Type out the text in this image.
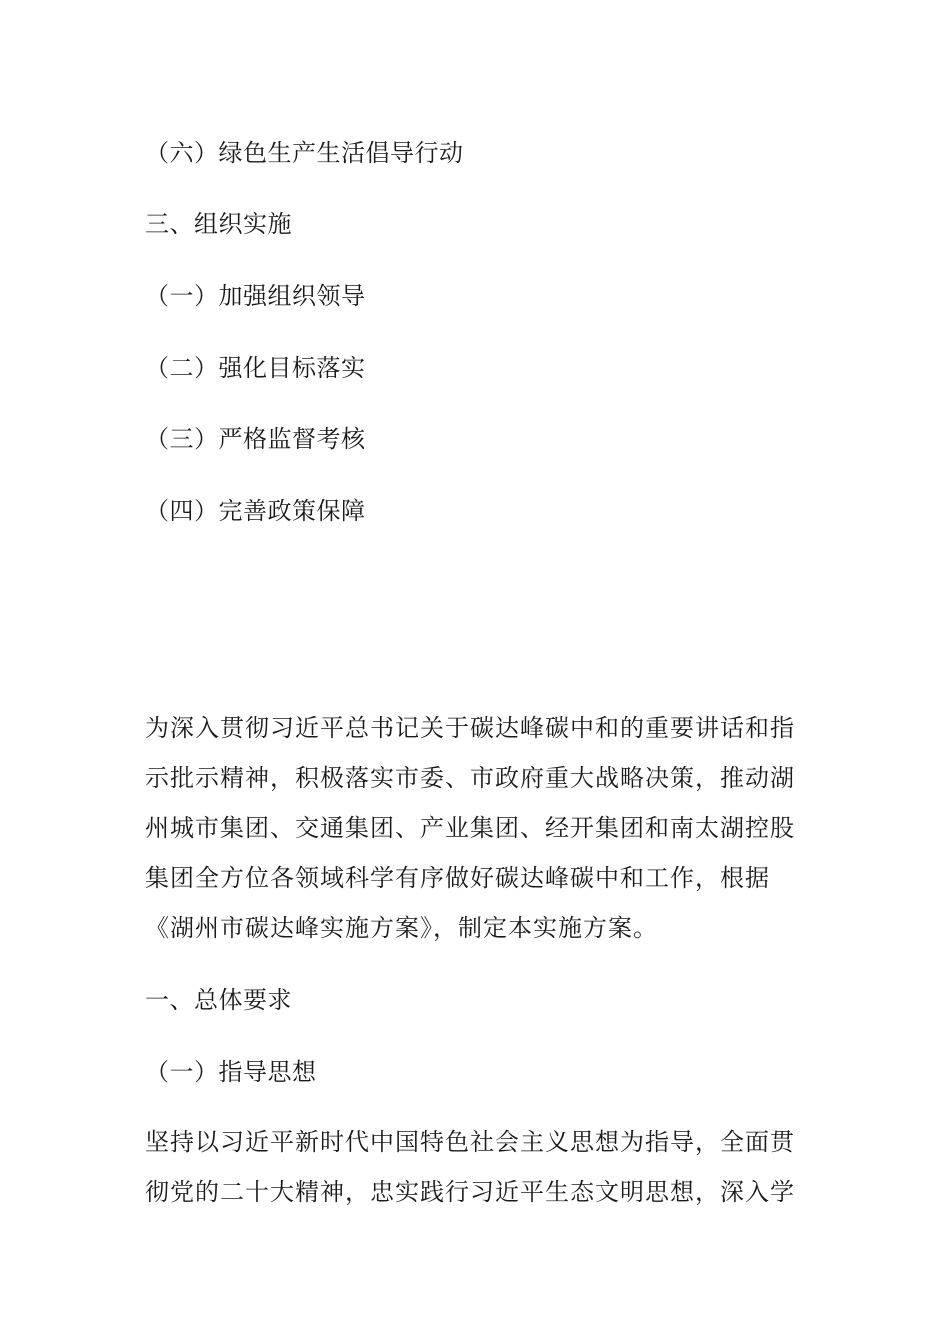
（六）绿色生产生活倡导行动

三、组织实施

（一）加强组织领导

（二）强化目标落实

（三）严格监督考核

（四）完善政策保障

为深入贯彻习近平总书记关于碳达峰碳中和的重要讲话和指

示批示精神，积极落实市委、市政府重大战略决策，推动湖

州城市集团、交通集团、产业集团、经开集团和南太湖控股

集团全方位各领域科学有序做好碳达峰碳中和工作，根据

《湖州市碳达峰实施方案》，制定本实施方案。

一、总体要求

（一）指导思想

坚持以习近平新时代中国特色社会主义思想为指导，全面贯

彻党的二十大精神，忠实践行习近平生态文明思想，深入学
